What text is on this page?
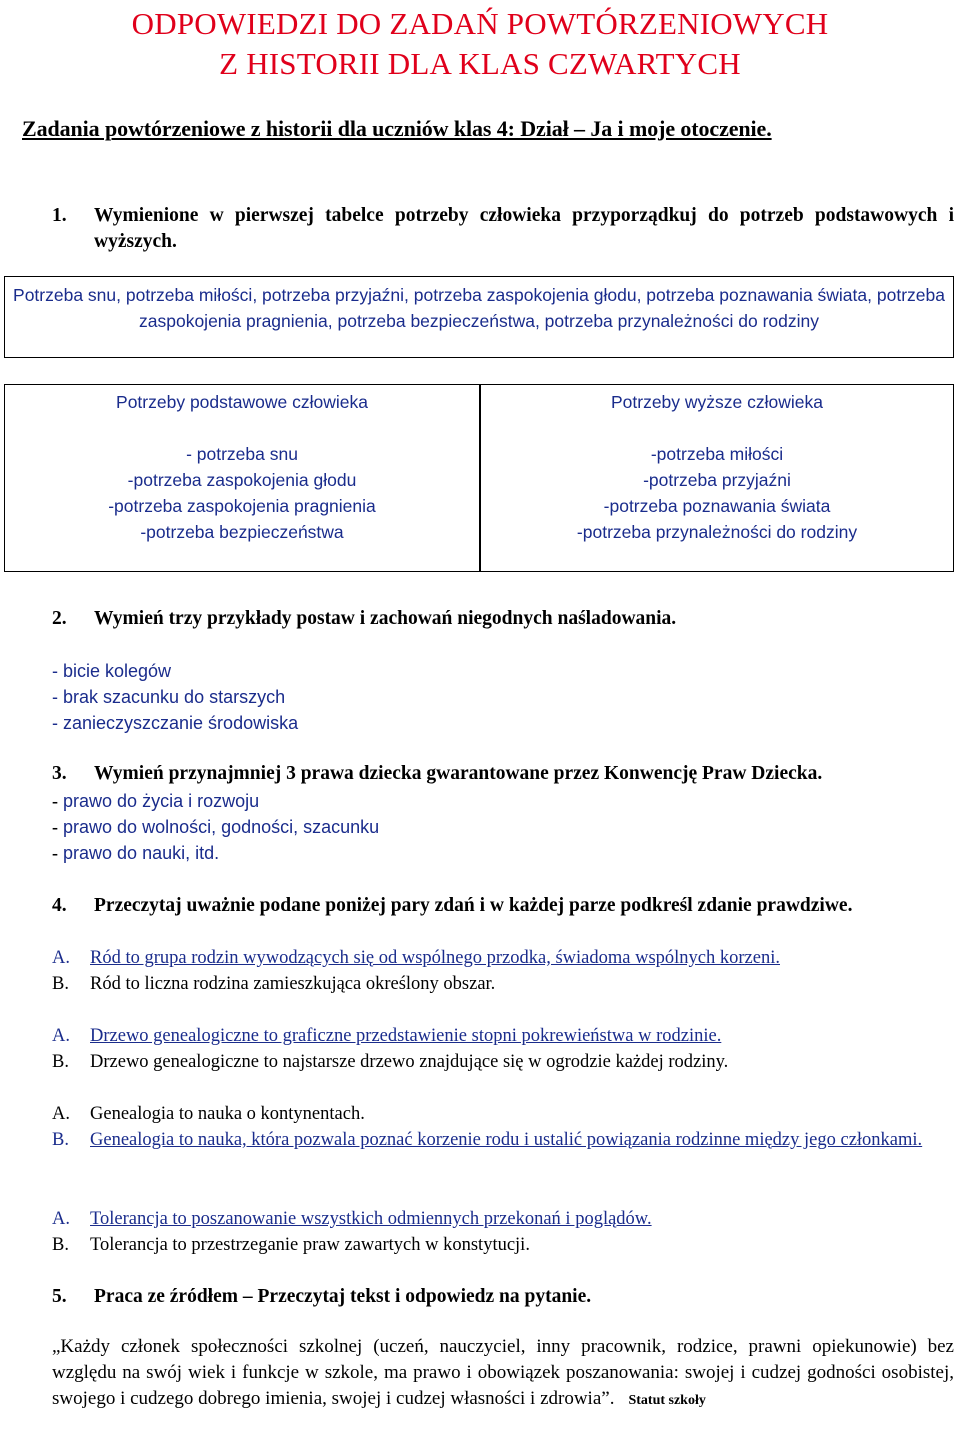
ODPOWIEDZI DO ZADAŃ POWTÓRZENIOWYCH
Z HISTORII DLA KLAS CZWARTYCH
Zadania powtórzeniowe z historii dla uczniów klas 4: Dział – Ja i moje otoczenie.
1. Wymienione w pierwszej tabelce potrzeby człowieka przyporządkuj do potrzeb podstawowych i wyższych.
Potrzeba snu, potrzeba miłości, potrzeba przyjaźni, potrzeba zaspokojenia głodu, potrzeba poznawania świata, potrzeba zaspokojenia pragnienia, potrzeba bezpieczeństwa, potrzeba przynależności do rodziny
Potrzeby podstawowe człowieka
- potrzeba snu
-potrzeba zaspokojenia głodu
-potrzeba zaspokojenia pragnienia
-potrzeba bezpieczeństwa
Potrzeby wyższe człowieka
-potrzeba miłości
-potrzeba przyjaźni
-potrzeba poznawania świata
-potrzeba przynależności do rodziny
2. Wymień trzy przykłady postaw i zachowań niegodnych naśladowania.
- bicie kolegów
- brak szacunku do starszych
- zanieczyszczanie środowiska
3. Wymień przynajmniej 3 prawa dziecka gwarantowane przez Konwencję Praw Dziecka.
- prawo do życia i rozwoju
- prawo do wolności, godności, szacunku
- prawo do nauki, itd.
4. Przeczytaj uważnie podane poniżej pary zdań i w każdej parze podkreśl zdanie prawdziwe.
A. Ród to grupa rodzin wywodzących się od wspólnego przodka, świadoma wspólnych korzeni.
B. Ród to liczna rodzina zamieszkująca określony obszar.
A. Drzewo genealogiczne to graficzne przedstawienie stopni pokrewieństwa w rodzinie.
B. Drzewo genealogiczne to najstarsze drzewo znajdujące się w ogrodzie każdej rodziny.
A. Genealogia to nauka o kontynentach.
B. Genealogia to nauka, która pozwala poznać korzenie rodu i ustalić powiązania rodzinne między jego członkami.
A. Tolerancja to poszanowanie wszystkich odmiennych przekonań i poglądów.
B. Tolerancja to przestrzeganie praw zawartych w konstytucji.
5. Praca ze źródłem – Przeczytaj tekst i odpowiedz na pytanie.
„Każdy członek społeczności szkolnej (uczeń, nauczyciel, inny pracownik, rodzice, prawni opiekunowie) bez względu na swój wiek i funkcje w szkole, ma prawo i obowiązek poszanowania: swojej i cudzej godności osobistej, swojego i cudzego dobrego imienia, swojej i cudzej własności i zdrowia”. Statut szkoły
